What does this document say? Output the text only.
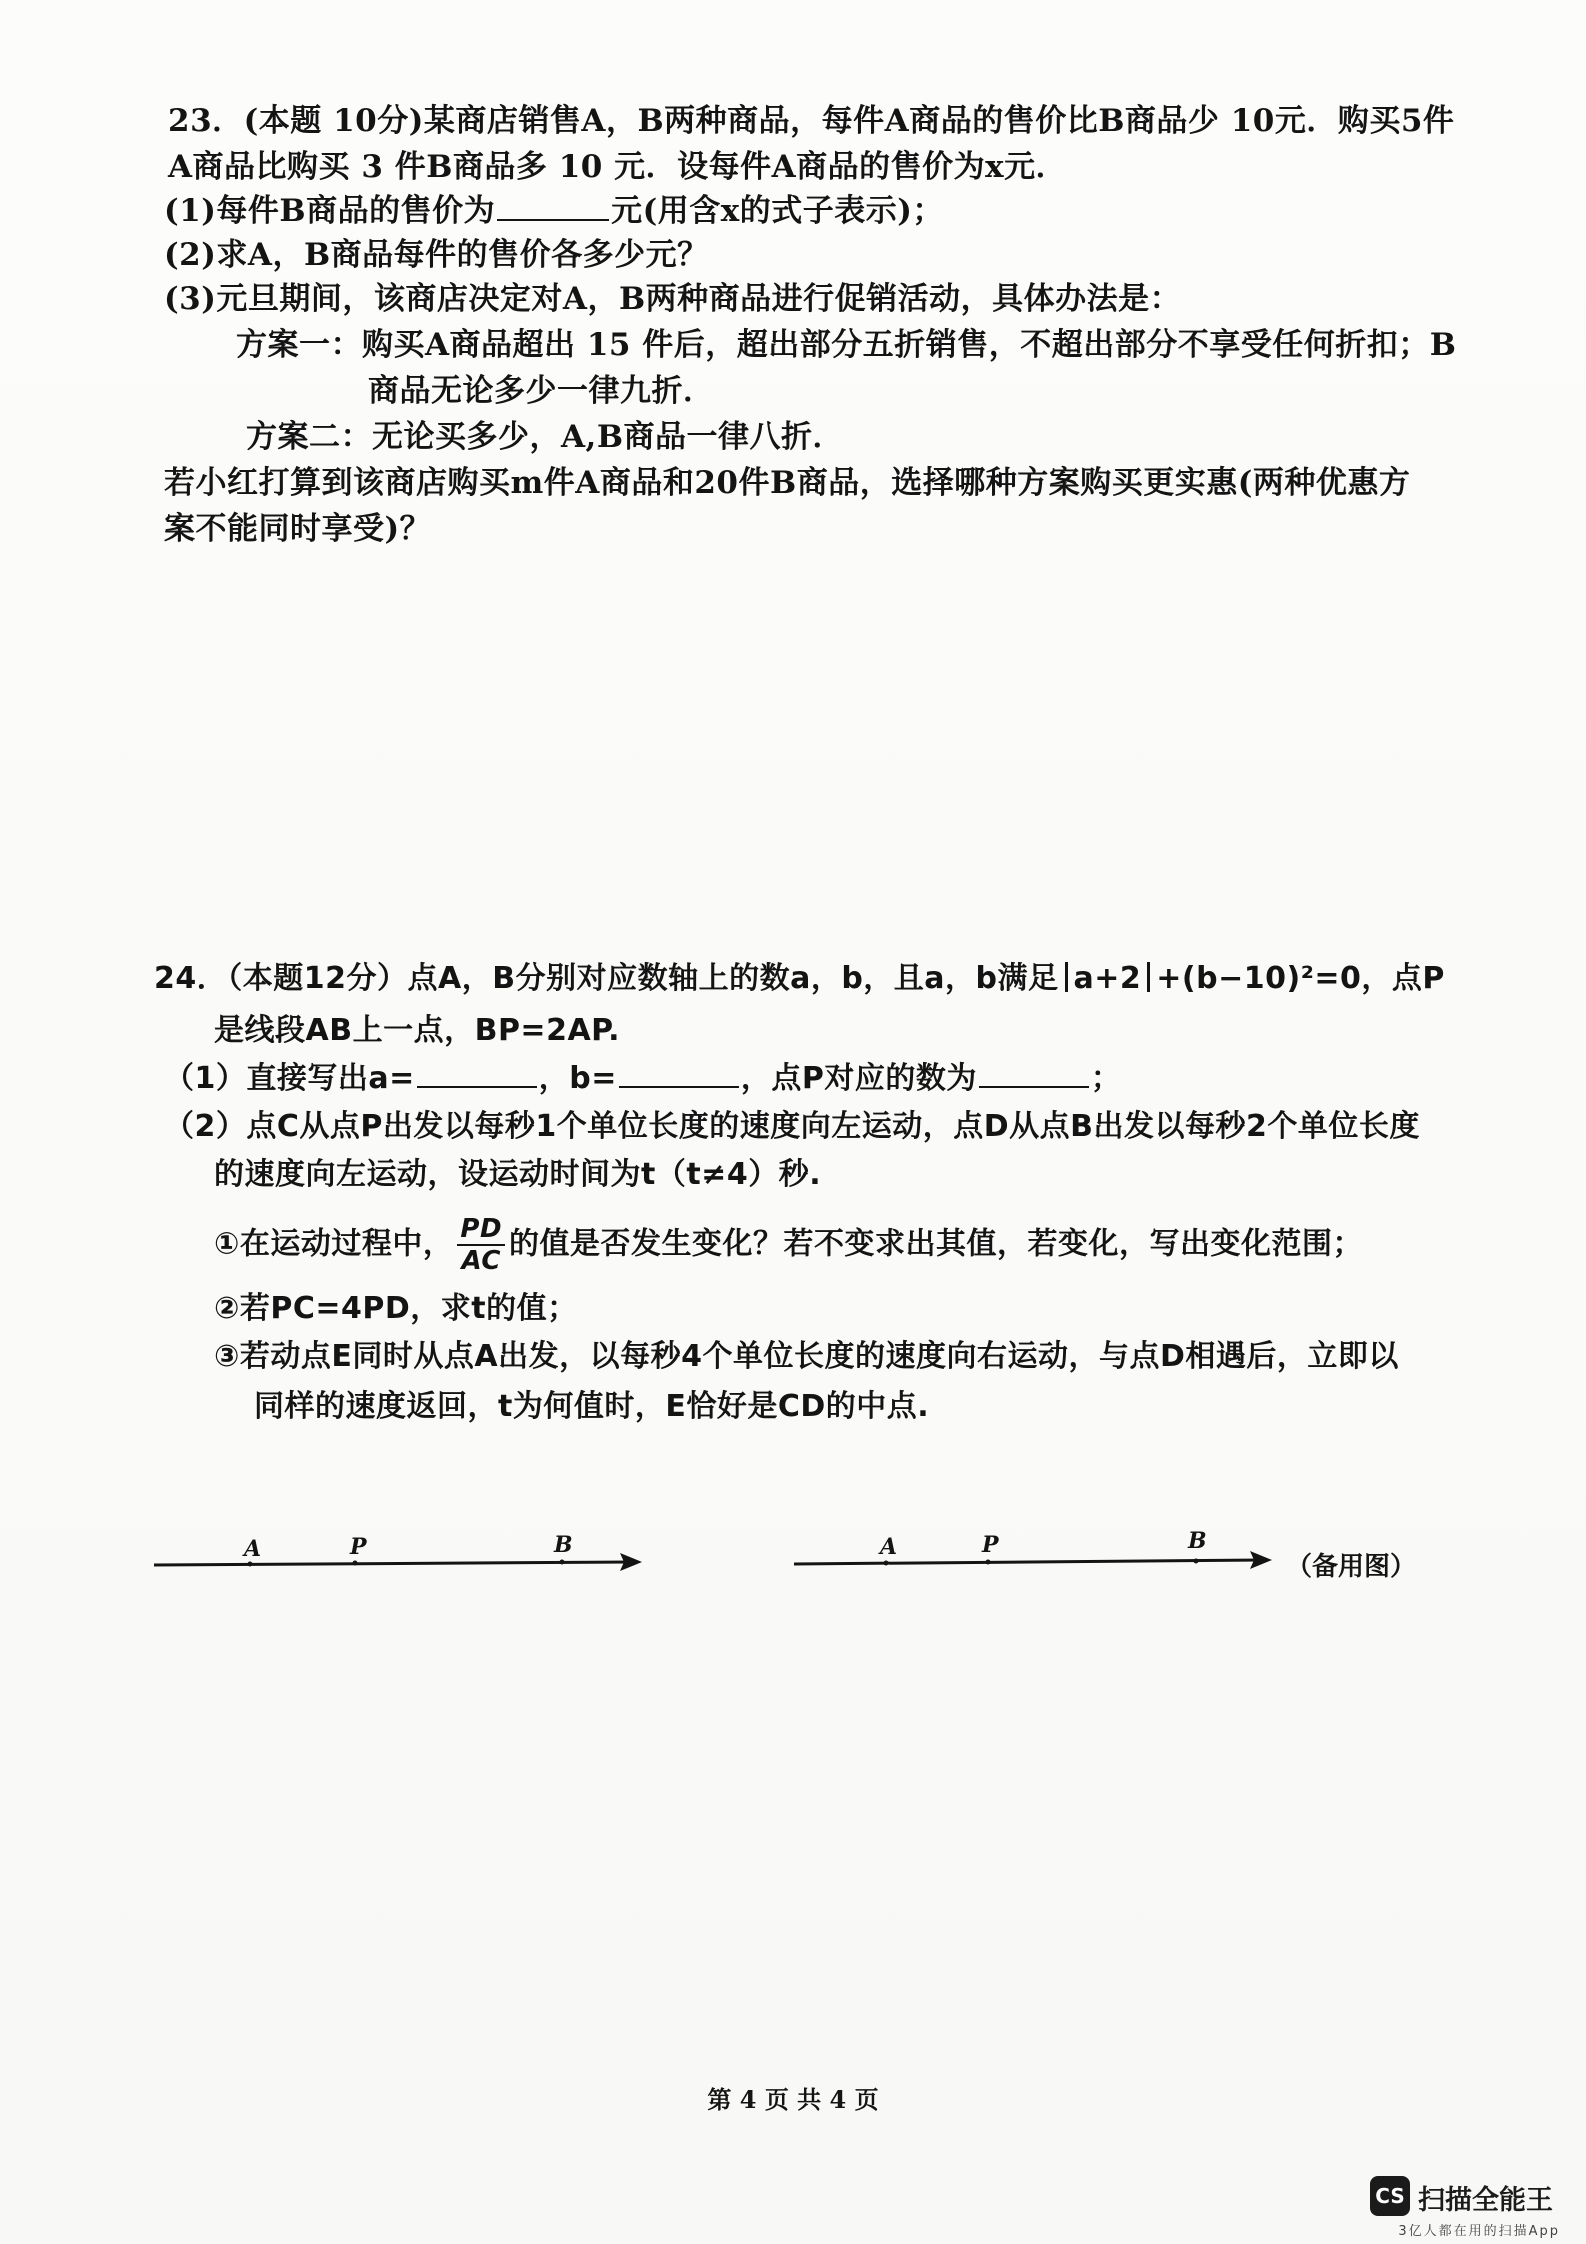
23．(本题 10分)某商店销售A，B两种商品，每件A商品的售价比B商品少 10元．购买5件
A商品比购买 3 件B商品多 10 元．设每件A商品的售价为x元．
(1)每件B商品的售价为	元(用含x的式子表示)；
(2)求A，B商品每件的售价各多少元？
(3)元旦期间，该商店决定对A，B两种商品进行促销活动，具体办法是：
方案一：购买A商品超出 15 件后，超出部分五折销售，不超出部分不享受任何折扣；B
商品无论多少一律九折．
方案二：无论买多少，A,B商品一律八折．
若小红打算到该商店购买m件A商品和20件B商品，选择哪种方案购买更实惠(两种优惠方
案不能同时享受)？
24．（本题12分）点A，B分别对应数轴上的数a，b，且a，b满足 a+2 +(b−10)²=0，点P
是线段AB上一点，BP=2AP.
（1）直接写出a=	，b=	，点P对应的数为	；
（2）点C从点P出发以每秒1个单位长度的速度向左运动，点D从点B出发以每秒2个单位长度
的速度向左运动，设运动时间为t（t≠4）秒.
①在运动过程中， $\frac{PD}{AC}$ 的值是否发生变化？若不变求出其值，若变化，写出变化范围；
②若PC=4PD，求t的值；
③若动点E同时从点A出发，以每秒4个单位长度的速度向右运动，与点D相遇后，立即以
同样的速度返回，t为何值时，E恰好是CD的中点.
A	P	B	A	P	B
（备用图）
第 4 页 共 4 页
CS 扫描全能王
3亿人都在用的扫描App
